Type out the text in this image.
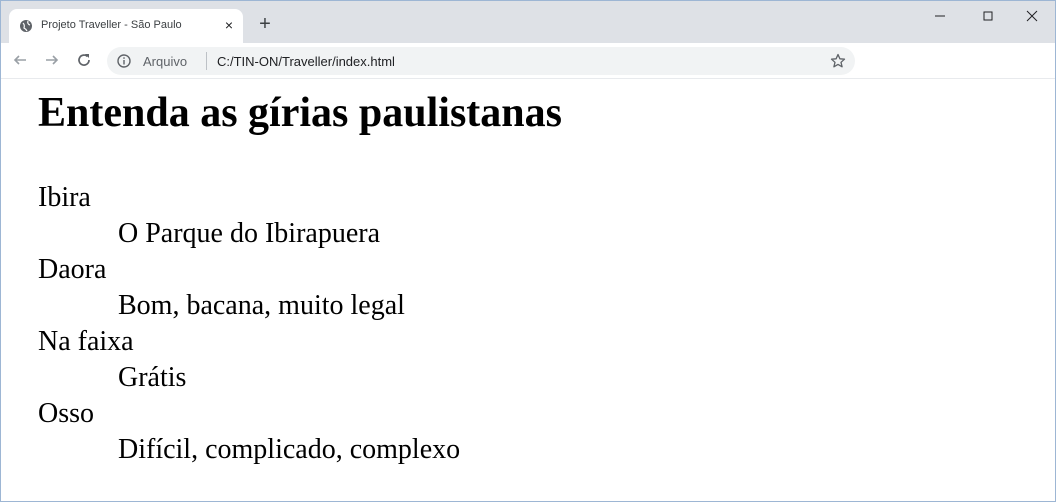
Projeto Traveller - São Paulo	× +
Arquivo C:/TIN-ON/Traveller/index.html
Entenda as gírias paulistanas
Ibira
O Parque do Ibirapuera
Daora
Bom, bacana, muito legal
Na faixa
Grátis
Osso
Difícil, complicado, complexo
